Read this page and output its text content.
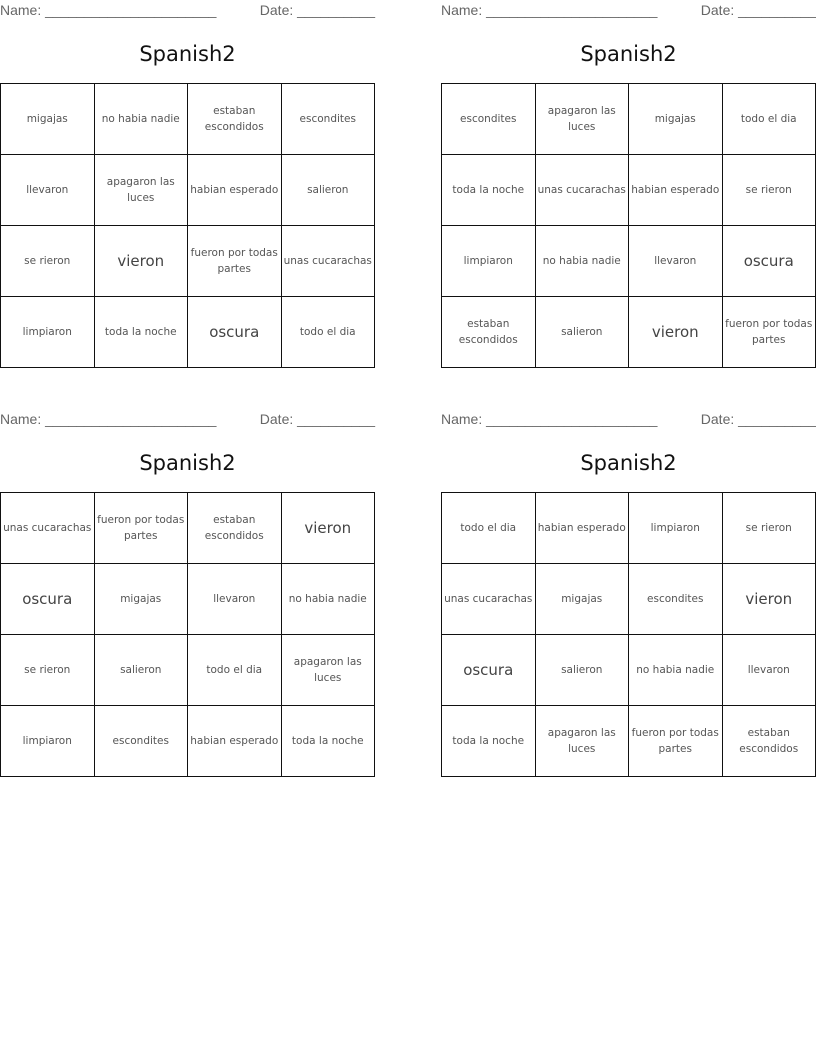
Name: ______________________	Date: __________
Spanish2
migajas	no habia nadie	estaban escondidos	escondites
llevaron	apagaron las luces	habian esperado	salieron
se rieron	vieron	fueron por todas partes	unas cucarachas
limpiaron	toda la noche	oscura	todo el dia
Name: ______________________	Date: __________
Spanish2
escondites	apagaron las luces	migajas	todo el dia
toda la noche	unas cucarachas	habian esperado	se rieron
limpiaron	no habia nadie	llevaron	oscura
estaban escondidos	salieron	vieron	fueron por todas partes
Name: ______________________	Date: __________
Spanish2
unas cucarachas	fueron por todas partes	estaban escondidos	vieron
oscura	migajas	llevaron	no habia nadie
se rieron	salieron	todo el dia	apagaron las luces
limpiaron	escondites	habian esperado	toda la noche
Name: ______________________	Date: __________
Spanish2
todo el dia	habian esperado	limpiaron	se rieron
unas cucarachas	migajas	escondites	vieron
oscura	salieron	no habia nadie	llevaron
toda la noche	apagaron las luces	fueron por todas partes	estaban escondidos
